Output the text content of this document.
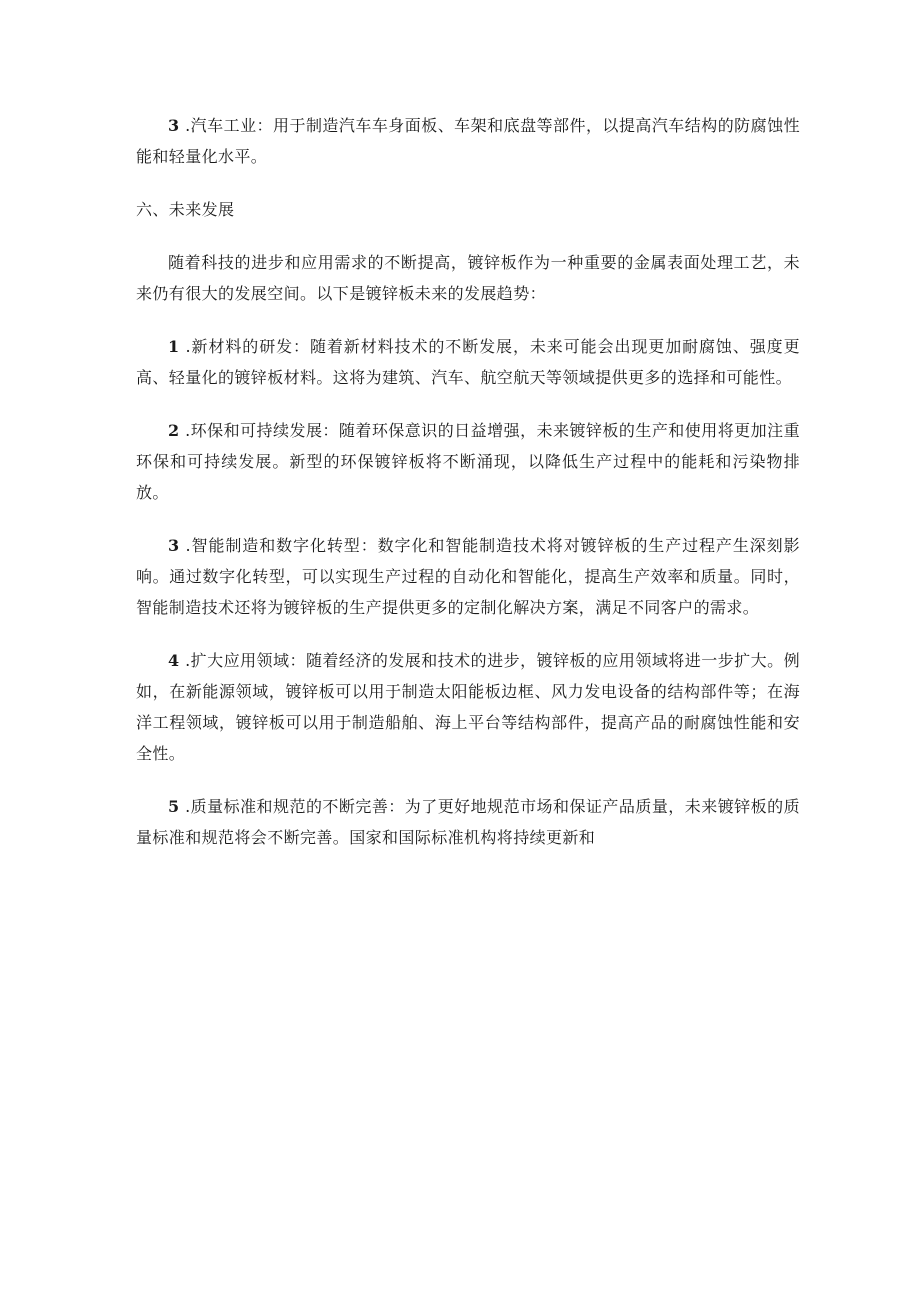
3 .汽车工业：用于制造汽车车身面板、车架和底盘等部件，以提高汽车结构的防腐蚀性能和轻量化水平。

六、未来发展

随着科技的进步和应用需求的不断提高，镀锌板作为一种重要的金属表面处理工艺，未来仍有很大的发展空间。以下是镀锌板未来的发展趋势：

1 .新材料的研发：随着新材料技术的不断发展，未来可能会出现更加耐腐蚀、强度更高、轻量化的镀锌板材料。这将为建筑、汽车、航空航天等领域提供更多的选择和可能性。

2 .环保和可持续发展：随着环保意识的日益增强，未来镀锌板的生产和使用将更加注重环保和可持续发展。新型的环保镀锌板将不断涌现，以降低生产过程中的能耗和污染物排放。

3 .智能制造和数字化转型：数字化和智能制造技术将对镀锌板的生产过程产生深刻影响。通过数字化转型，可以实现生产过程的自动化和智能化，提高生产效率和质量。同时，智能制造技术还将为镀锌板的生产提供更多的定制化解决方案，满足不同客户的需求。

4 .扩大应用领域：随着经济的发展和技术的进步，镀锌板的应用领域将进一步扩大。例如，在新能源领域，镀锌板可以用于制造太阳能板边框、风力发电设备的结构部件等；在海洋工程领域，镀锌板可以用于制造船舶、海上平台等结构部件，提高产品的耐腐蚀性能和安全性。

5 .质量标准和规范的不断完善：为了更好地规范市场和保证产品质量，未来镀锌板的质量标准和规范将会不断完善。国家和国际标准机构将持续更新和
